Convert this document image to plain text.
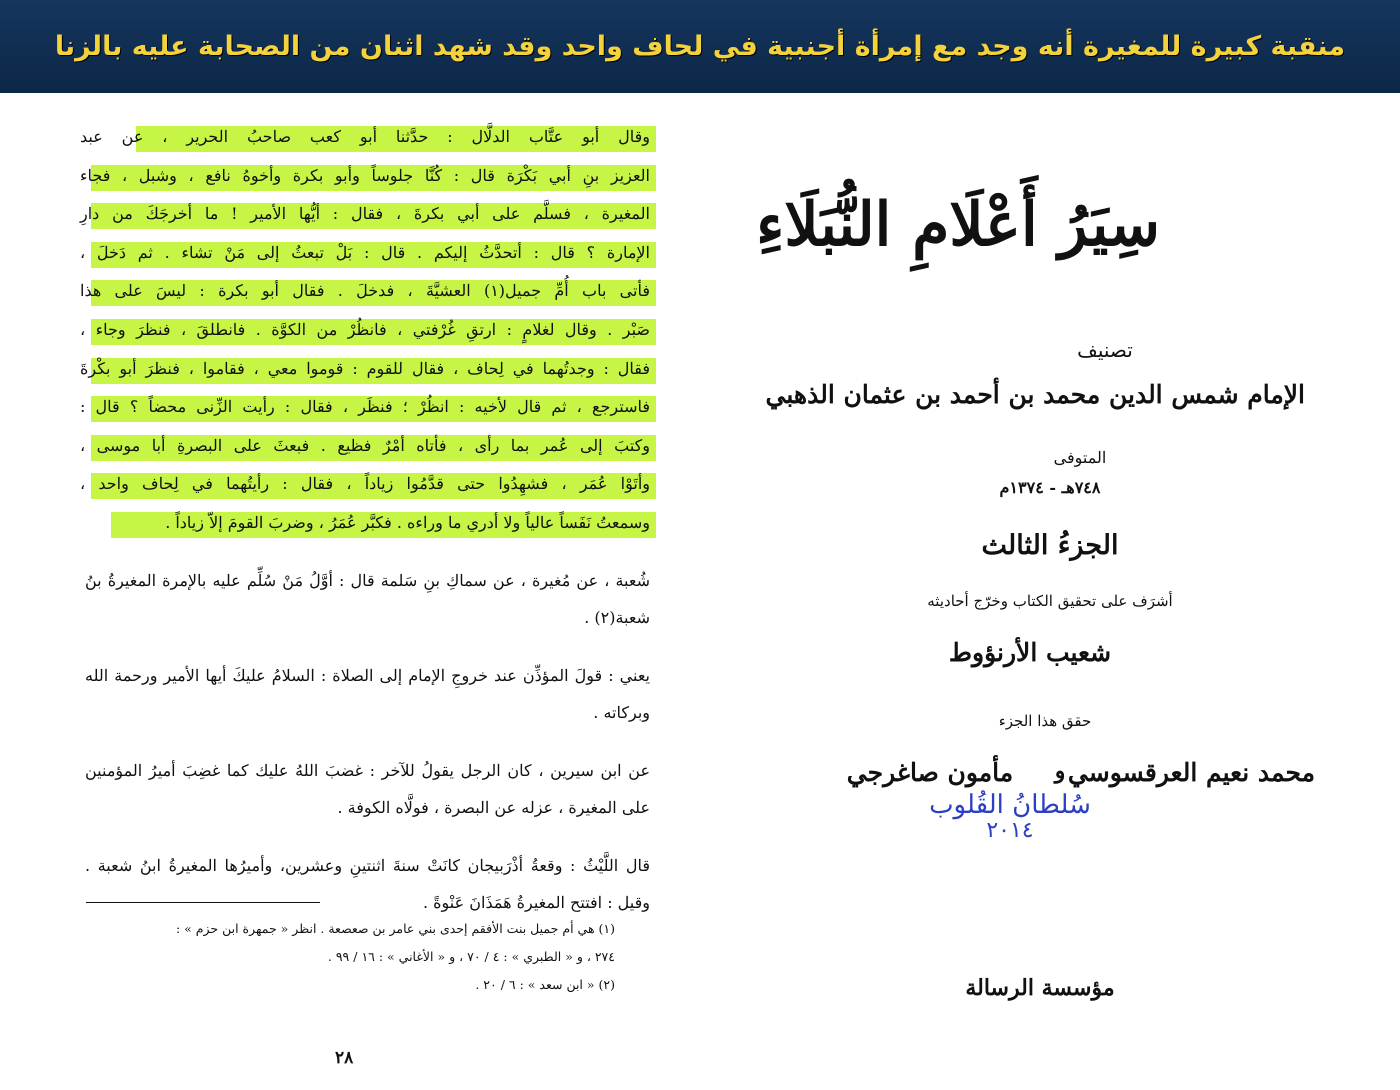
منقبة كبيرة للمغيرة أنه وجد مع إمرأة أجنبية في لحاف واحد وقد شهد اثنان من الصحابة عليه بالزنا
وقال أبو عتَّاب الدلَّال : حدَّثنا أبو كعب صاحبُ الحرير ، عن عبد
العزيز بنِ أبي بَكْرَة قال : كُنَّا جلوساً وأبو بكرة وأخوهُ نافع ، وشبل ، فجاء
المغيرة ، فسلَّم على أبي بكرةَ ، فقال : أيُّها الأمير ! ما أخرجَكَ من دارِ
الإمارة ؟ قال : أتحدَّثُ إليكم . قال : بَلْ تبعثُ إلى مَنْ تشاء . ثم دَخلَ ،
فأتى باب أُمِّ جميل(١) العشيَّةَ ، فدخلَ . فقال أبو بكرة : ليسَ على هذا
صَبْر . وقال لغلامٍ : ارتقِ غُرْفتي ، فانظُرْ من الكوَّة . فانطلقَ ، فنظرَ وجاء ،
فقال : وجدتُهما في لِحاف ، فقال للقوم : قوموا معي ، فقاموا ، فنظرَ أبو بكْرةَ
فاسترجع ، ثم قال لأخيه : انظُرْ ؛ فنظَر ، فقال : رأيت الزِّنى محضاً ؟ قال :
وكتبَ إلى عُمر بما رأى ، فأتاه أمْرٌ فظيع . فبعثَ على البصرةِ أبا موسى ،
وأتَوْا عُمَر ، فشهِدُوا حتى قدَّمُوا زياداً ، فقال : رأيتُهما في لِحاف واحد ،
وسمعتُ نَفَساً عالياً ولا أدري ما وراءه . فكبَّر عُمَرُ ، وضربَ القومَ إلاّ زياداً .

شُعبة ، عن مُغيرة ، عن سماكِ بنِ سَلمة قال : أوَّلُ مَنْ سُلِّم عليه بالإمرة المغيرةُ بنُ شعبة(٢) .

يعني : قولَ المؤذِّن عند خروجِ الإمام إلى الصلاة : السلامُ عليكَ أيها الأمير ورحمة الله وبركاته .

عن ابن سيرين ، كان الرجل يقولُ للآخر : غضبَ اللهُ عليك كما غضِبَ أميرُ المؤمنين على المغيرة ، عزله عن البصرة ، فولَّاه الكوفة .

قال اللَّيْثُ : وقعةُ أذْرَبيجان كانَتْ سنةَ اثنتينِ وعشرين، وأميرُها المغيرةُ ابنُ شعبة . وقيل : افتتح المغيرةُ هَمَذَانَ عَنْوةً .

(١) هي أم جميل بنت الأفقم إحدى بني عامر بن صعصعة . انظر « جمهرة ابن حزم » :
٢٧٤ ، و « الطبري » : ٤ / ٧٠ ، و « الأغاني » : ١٦ / ٩٩ .
(٢) « ابن سعد » : ٦ / ٢٠ .
٢٨
سِيَرُ أَعْلَامِ النُّبَلَاءِ
تصنيف
الإمام شمس الدين محمد بن أحمد بن عثمان الذهبي
المتوفى
٧٤٨هـ - ١٣٧٤م
الجزءُ الثالث
أشرَف على تحقيق الكتاب وخرّج أحاديثه
شعيب الأرنؤوط
حقق هذا الجزء
محمد نعيم العرقسوسي
و
مأمون صاغرجي
سُلطانُ القُلوب
٢٠١٤
مؤسسة الرسالة
